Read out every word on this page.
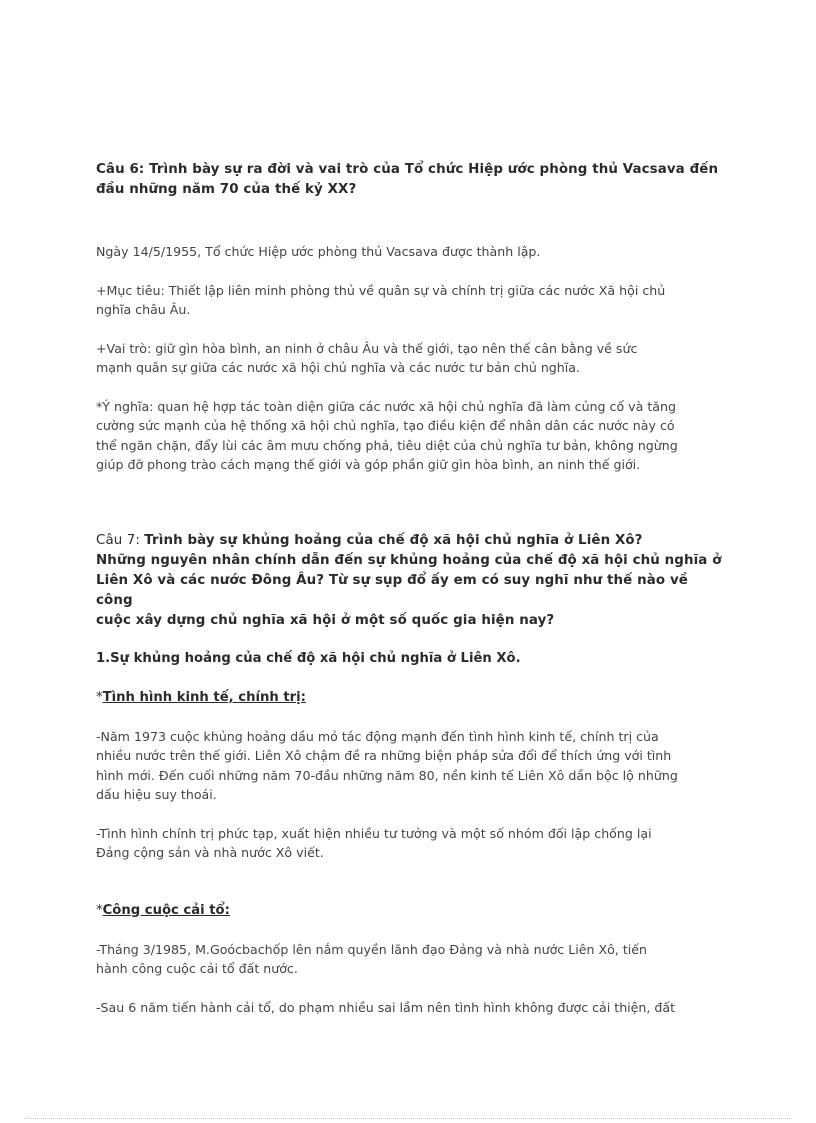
Câu 6: Trình bày sự ra đời và vai trò của Tổ chức Hiệp ước phòng thủ Vacsava đến
đầu những năm 70 của thế kỷ XX?

Ngày 14/5/1955, Tổ chức Hiệp ước phòng thủ Vacsava được thành lập.

+Mục tiêu: Thiết lập liên minh phòng thủ về quân sự và chính trị giữa các nước Xã hội chủ
nghĩa châu Âu.

+Vai trò: giữ gìn hòa bình, an ninh ở châu Âu và thế giới, tạo nên thế cân bằng về sức
mạnh quân sự giữa các nước xã hội chủ nghĩa và các nước tư bản chủ nghĩa.

*Ý nghĩa: quan hệ hợp tác toàn diện giữa các nước xã hội chủ nghĩa đã làm củng cố và tăng
cường sức mạnh của hệ thống xã hội chủ nghĩa, tạo điều kiện để nhân dân các nước này có
thể ngăn chặn, đẩy lùi các âm mưu chống phá, tiêu diệt của chủ nghĩa tư bản, không ngừng
giúp đỡ phong trào cách mạng thế giới và góp phần giữ gìn hòa bình, an ninh thế giới.

Câu 7: Trình bày sự khủng hoảng của chế độ xã hội chủ nghĩa ở Liên Xô?
Những nguyên nhân chính dẫn đến sự khủng hoảng của chế độ xã hội chủ nghĩa ở
Liên Xô và các nước Đông Âu? Từ sự sụp đổ ấy em có suy nghĩ như thế nào về công
cuộc xây dựng chủ nghĩa xã hội ở một số quốc gia hiện nay?

1.Sự khủng hoảng của chế độ xã hội chủ nghĩa ở Liên Xô.

*Tình hình kinh tế, chính trị:

-Năm 1973 cuộc khủng hoảng dầu mỏ tác động mạnh đến tình hình kinh tế, chính trị của
nhiều nước trên thế giới. Liên Xô chậm đề ra những biện pháp sửa đổi để thích ứng với tình
hình mới. Đến cuối những năm 70-đầu những năm 80, nền kinh tế Liên Xô dần bộc lộ những
dấu hiệu suy thoái.

-Tình hình chính trị phức tạp, xuất hiện nhiều tư tưởng và một số nhóm đối lập chống lại
Đảng cộng sản và nhà nước Xô viết.

*Công cuộc cải tổ:

-Tháng 3/1985, M.Goócbachốp lên nắm quyền lãnh đạo Đảng và nhà nước Liên Xô, tiến
hành công cuộc cải tổ đất nước.

-Sau 6 năm tiến hành cải tổ, do phạm nhiều sai lầm nên tình hình không được cải thiện, đất
